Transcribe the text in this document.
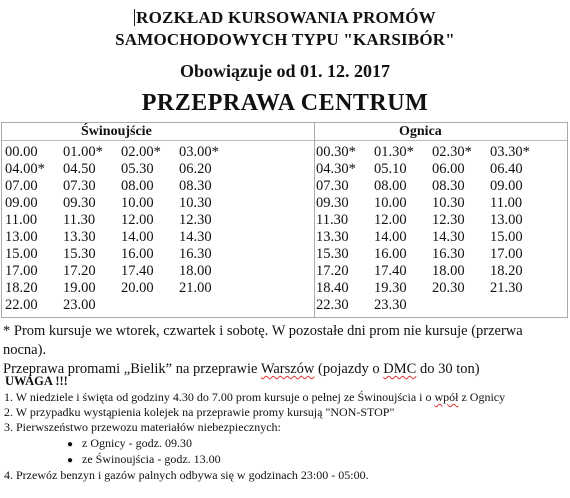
ROZKŁAD KURSOWANIA PROMÓW
SAMOCHODOWYCH TYPU "KARSIBÓR"
Obowiązuje od 01. 12. 2017
PRZEPRAWA CENTRUM
Świnoujście	Ognica
00.00 01.00* 02.00* 03.00*
04.00* 04.50 05.30 06.20
07.00 07.30 08.00 08.30
09.00 09.30 10.00 10.30
11.00 11.30 12.00 12.30
13.00 13.30 14.00 14.30
15.00 15.30 16.00 16.30
17.00 17.20 17.40 18.00
18.20 19.00 20.00 21.00
22.00 23.00
00.30* 01.30* 02.30* 03.30*
04.30* 05.10 06.00 06.40
07.30 08.00 08.30 09.00
09.30 10.00 10.30 11.00
11.30 12.00 12.30 13.00
13.30 14.00 14.30 15.00
15.30 16.00 16.30 17.00
17.20 17.40 18.00 18.20
18.40 19.30 20.30 21.30
22.30 23.30
* Prom kursuje we wtorek, czwartek i sobotę. W pozostałe dni prom nie kursuje (przerwa nocna).
Przeprawa promami „Bielik” na przeprawie Warszów (pojazdy o DMC do 30 ton)
UWAGA !!!
1. W niedziele i święta od godziny 4.30 do 7.00 prom kursuje o pełnej ze Świnoujścia i o wpół z Ognicy
2. W przypadku wystąpienia kolejek na przeprawie promy kursują "NON-STOP"
3. Pierwszeństwo przewozu materiałów niebezpiecznych:
● z Ognicy - godz. 09.30
● ze Świnoujścia - godz. 13.00
4. Przewóz benzyn i gazów palnych odbywa się w godzinach 23:00 - 05:00.
